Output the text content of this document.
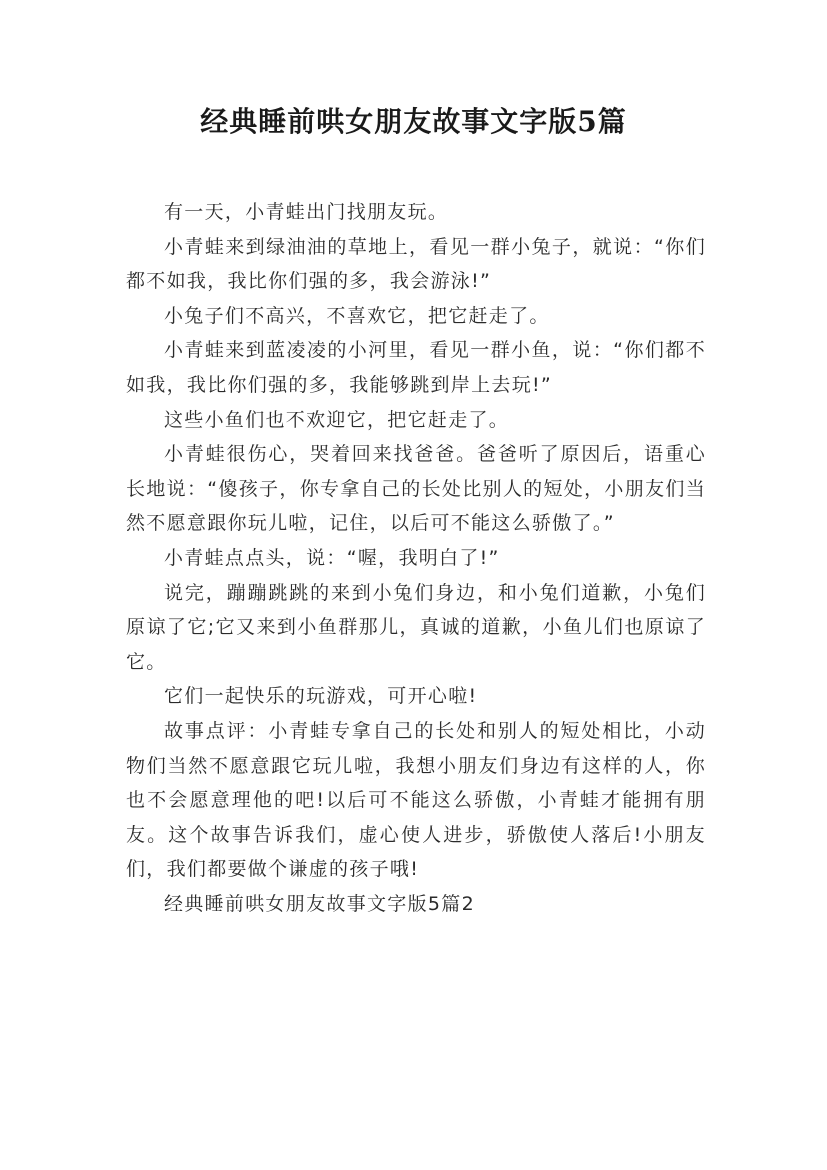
经典睡前哄女朋友故事文字版5篇

有一天，小青蛙出门找朋友玩。

小青蛙来到绿油油的草地上，看见一群小兔子，就说：“你们都不如我，我比你们强的多，我会游泳!”

小兔子们不高兴，不喜欢它，把它赶走了。

小青蛙来到蓝凌凌的小河里，看见一群小鱼，说：“你们都不如我，我比你们强的多，我能够跳到岸上去玩!”

这些小鱼们也不欢迎它，把它赶走了。

小青蛙很伤心，哭着回来找爸爸。爸爸听了原因后，语重心长地说：“傻孩子，你专拿自己的长处比别人的短处，小朋友们当然不愿意跟你玩儿啦，记住，以后可不能这么骄傲了。”

小青蛙点点头，说：“喔，我明白了!”

说完，蹦蹦跳跳的来到小兔们身边，和小兔们道歉，小兔们原谅了它;它又来到小鱼群那儿，真诚的道歉，小鱼儿们也原谅了它。

它们一起快乐的玩游戏，可开心啦!

故事点评：小青蛙专拿自己的长处和别人的短处相比，小动物们当然不愿意跟它玩儿啦，我想小朋友们身边有这样的人，你也不会愿意理他的吧!以后可不能这么骄傲，小青蛙才能拥有朋友。这个故事告诉我们，虚心使人进步，骄傲使人落后!小朋友们，我们都要做个谦虚的孩子哦!

经典睡前哄女朋友故事文字版5篇2
